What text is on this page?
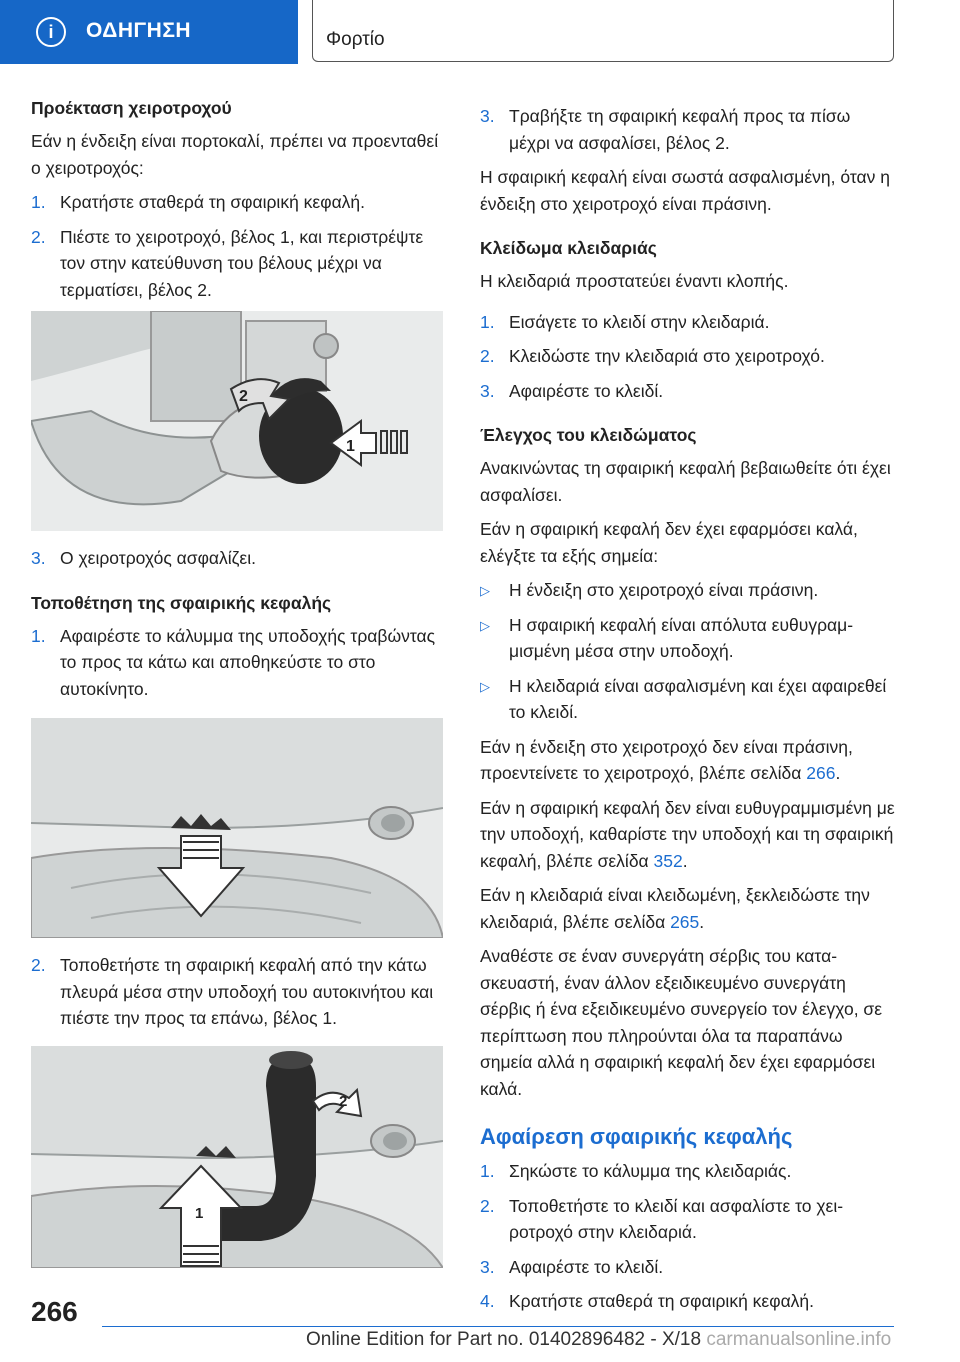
i	ΟΔΗΓΗΣΗ	Φορτίο
Προέκταση χειροτροχού

Εάν η ένδειξη είναι πορτοκαλί, πρέπει να προενταθεί ο χειροτροχός:

1. Κρατήστε σταθερά τη σφαιρική κεφαλή.
2. Πιέστε το χειροτροχό, βέλος 1, και περιστρέψτε τον στην κατεύθυνση του βέλους μέχρι να τερματίσει, βέλος 2.
2
1
3. Ο χειροτροχός ασφαλίζει.
Τοποθέτηση της σφαιρικής κεφαλής
1. Αφαιρέστε το κάλυμμα της υποδοχής τραβώντας το προς τα κάτω και αποθηκεύστε το στο αυτοκίνητο.
2. Τοποθετήστε τη σφαιρική κεφαλή από την κάτω πλευρά μέσα στην υποδοχή του αυτοκινήτου και πιέστε την προς τα επάνω, βέλος 1.
2
1
3. Τραβήξτε τη σφαιρική κεφαλή προς τα πίσω μέχρι να ασφαλίσει, βέλος 2.

Η σφαιρική κεφαλή είναι σωστά ασφαλισμένη, όταν η ένδειξη στο χειροτροχό είναι πράσινη.

Κλείδωμα κλειδαριάς

Η κλειδαριά προστατεύει έναντι κλοπής.

1. Εισάγετε το κλειδί στην κλειδαριά.
2. Κλειδώστε την κλειδαριά στο χειροτροχό.
3. Αφαιρέστε το κλειδί.
Έλεγχος του κλειδώματος

Ανακινώντας τη σφαιρική κεφαλή βεβαιωθείτε ότι έχει ασφαλίσει.

Εάν η σφαιρική κεφαλή δεν έχει εφαρμόσει καλά, ελέγξτε τα εξής σημεία:

▷ Η ένδειξη στο χειροτροχό είναι πράσινη.
▷ Η σφαιρική κεφαλή είναι απόλυτα ευθυγραμμισμένη μέσα στην υποδοχή.
▷ Η κλειδαριά είναι ασφαλισμένη και έχει αφαιρεθεί το κλειδί.

Εάν η ένδειξη στο χειροτροχό δεν είναι πράσινη, προεντείνετε το χειροτροχό, βλέπε σελίδα 266.

Εάν η σφαιρική κεφαλή δεν είναι ευθυγραμμισμένη με την υποδοχή, καθαρίστε την υποδοχή και τη σφαιρική κεφαλή, βλέπε σελίδα 352.

Εάν η κλειδαριά είναι κλειδωμένη, ξεκλειδώστε την κλειδαριά, βλέπε σελίδα 265.

Αναθέστε σε έναν συνεργάτη σέρβις του κατασκευαστή, έναν άλλον εξειδικευμένο συνεργάτη σέρβις ή ένα εξειδικευμένο συνεργείο τον έλεγχο, σε περίπτωση που πληρούνται όλα τα παραπάνω σημεία αλλά η σφαιρική κεφαλή δεν έχει εφαρμόσει καλά.

Αφαίρεση σφαιρικής κεφαλής
1. Σηκώστε το κάλυμμα της κλειδαριάς.
2. Τοποθετήστε το κλειδί και ασφαλίστε το χειροτροχό στην κλειδαριά.
3. Αφαιρέστε το κλειδί.
4. Κρατήστε σταθερά τη σφαιρική κεφαλή.
266
Online Edition for Part no. 01402896482 - X/18 carmanualsonline.info
